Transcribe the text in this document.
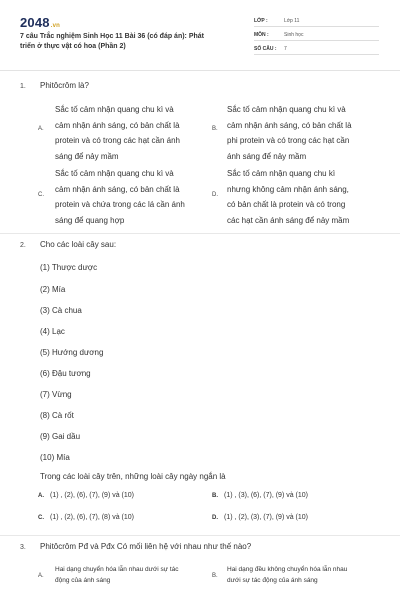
2048.vn
7 câu Trắc nghiệm Sinh Học 11 Bài 36 (có đáp án): Phát
triển ở thực vật có hoa (Phần 2)
LỚP :	Lớp 11
MÔN :	Sinh học
SỐ CÂU : 7
1. Phitôcrôm là?
A.
Sắc tố cảm nhận quang chu kì và
cảm nhận ánh sáng, có bản chất là
protein và có trong các hạt cần ánh
sáng để nảy mầm
B.
Sắc tố cảm nhận quang chu kì và
cảm nhận ánh sáng, có bản chất là
phi protein và có trong các hạt cần
ánh sáng để nảy mầm
C.
Sắc tố cảm nhận quang chu kì và
cảm nhận ánh sáng, có bản chất là
protein và chứa trong các lá cần ánh
sáng để quang hợp
D.
Sắc tố cảm nhận quang chu kì
nhưng không cảm nhận ánh sáng,
có bản chất là protein và có trong
các hạt cần ánh sáng để nảy mầm
2. Cho các loài cây sau:
(1) Thược dược
(2) Mía
(3) Cà chua
(4) Lạc
(5) Hướng dương
(6) Đậu tương
(7) Vừng
(8) Cà rốt
(9) Gai dầu
(10) Mía
Trong các loài cây trên, những loài cây ngày ngắn là
A. (1) , (2), (6), (7), (9) và (10)	B. (1) , (3), (6), (7), (9) và (10)
C. (1) , (2), (6), (7), (8) và (10)	D. (1) , (2), (3), (7), (9) và (10)
3. Phitôcrôm Pđ và Pđx Có mối liên hệ với nhau như thế nào?
A.
Hai dạng chuyển hóa lẫn nhau dưới sự tác
động của ánh sáng
B.
Hai dạng đều không chuyển hóa lẫn nhau
dưới sự tác động của ánh sáng
